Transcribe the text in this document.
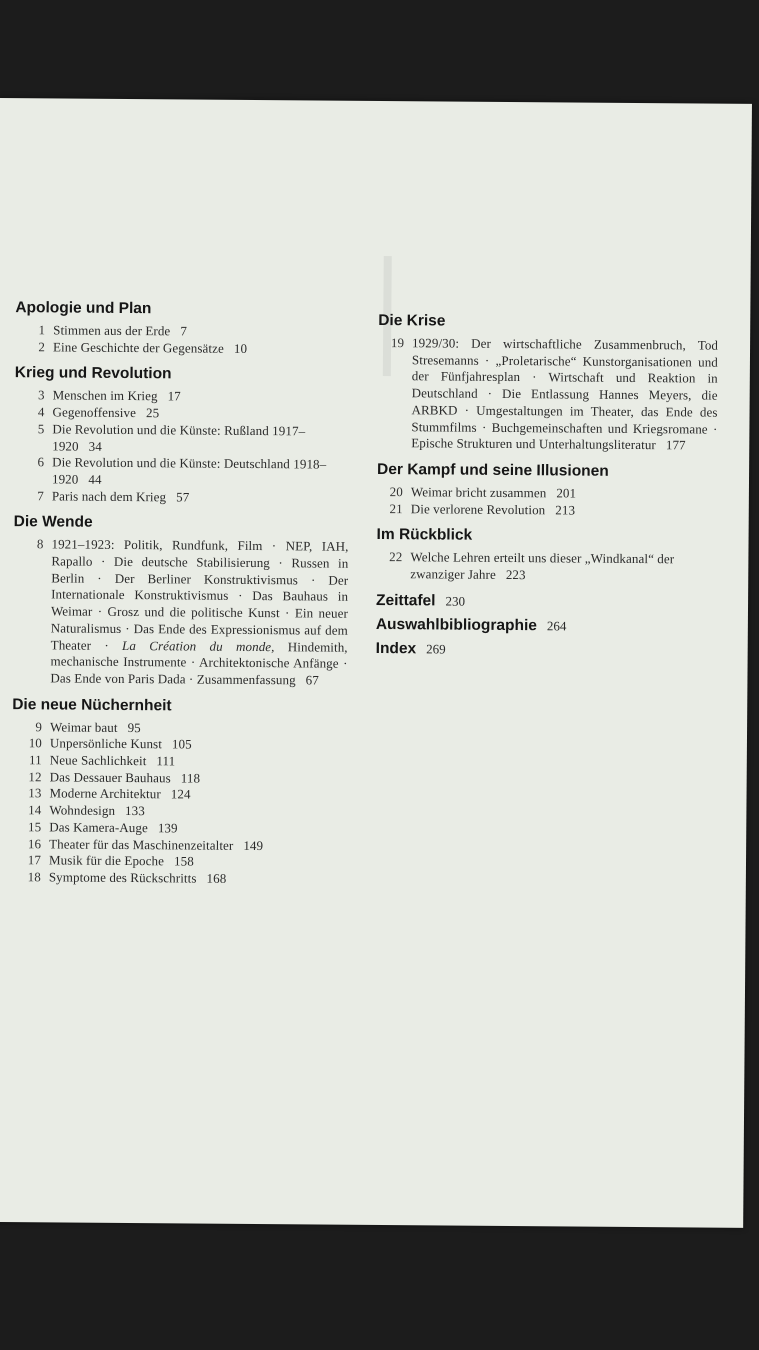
Apologie und Plan
1 Stimmen aus der Erde 7
2 Eine Geschichte der Gegensätze 10
Krieg und Revolution
3 Menschen im Krieg 17
4 Gegenoffensive 25
5 Die Revolution und die Künste: Rußland 1917–1920 34
6 Die Revolution und die Künste: Deutschland 1918–1920 44
7 Paris nach dem Krieg 57
Die Wende
8 1921–1923: Politik, Rundfunk, Film · NEP, IAH, Rapallo · Die deutsche Stabilisierung · Russen in Berlin · Der Berliner Konstruktivismus · Der Internationale Konstruktivismus · Das Bauhaus in Weimar · Grosz und die politische Kunst · Ein neuer Naturalismus · Das Ende des Expressionismus auf dem Theater · La Création du monde, Hindemith, mechanische Instrumente · Architektonische Anfänge · Das Ende von Paris Dada · Zusammenfassung 67
Die neue Nüchernheit
9 Weimar baut 95
10 Unpersönliche Kunst 105
11 Neue Sachlichkeit 111
12 Das Dessauer Bauhaus 118
13 Moderne Architektur 124
14 Wohndesign 133
15 Das Kamera-Auge 139
16 Theater für das Maschinenzeitalter 149
17 Musik für die Epoche 158
18 Symptome des Rückschritts 168
Die Krise
19 1929/30: Der wirtschaftliche Zusammenbruch, Tod Stresemanns · „Proletarische“ Kunstorganisationen und der Fünfjahresplan · Wirtschaft und Reaktion in Deutschland · Die Entlassung Hannes Meyers, die ARBKD · Umgestaltungen im Theater, das Ende des Stummfilms · Buchgemeinschaften und Kriegsromane · Epische Strukturen und Unterhaltungsliteratur 177
Der Kampf und seine Illusionen
20 Weimar bricht zusammen 201
21 Die verlorene Revolution 213
Im Rückblick
22 Welche Lehren erteilt uns dieser „Windkanal“ der zwanziger Jahre 223
Zeittafel 230
Auswahlbibliographie 264
Index 269
